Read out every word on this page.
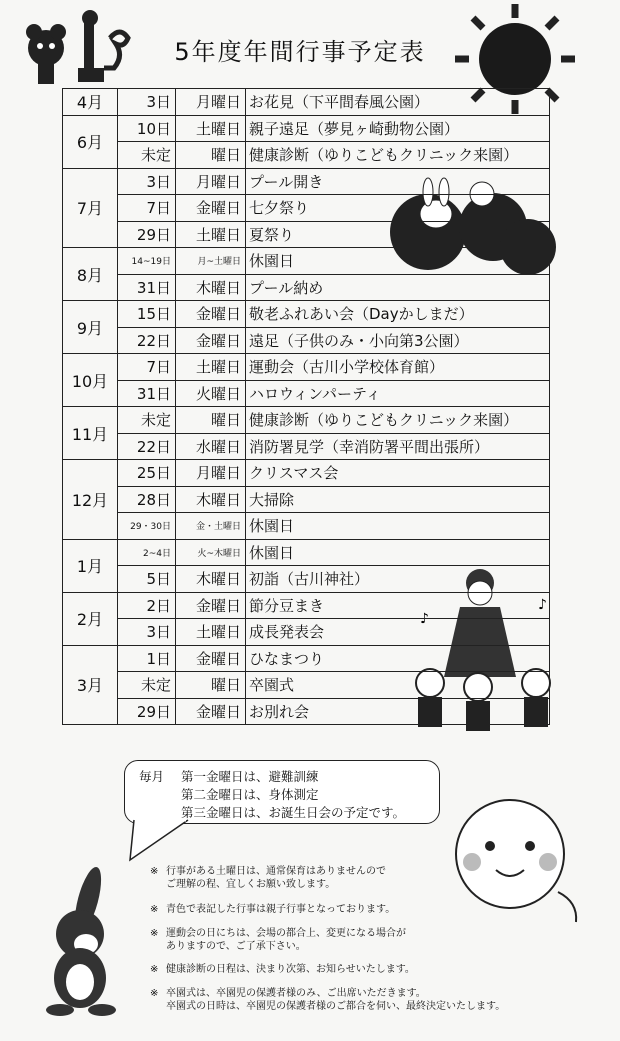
5年度年間行事予定表
♪
♪
4月	3日	月曜日	お花見（下平間春風公園）
6月	10日	土曜日	親子遠足（夢見ヶ崎動物公園）
	未定	曜日	健康診断（ゆりこどもクリニック来園）
7月	3日	月曜日	プール開き
	7日	金曜日	七夕祭り
	29日	土曜日	夏祭り
8月	14~19日	月~土曜日	休園日
	31日	木曜日	プール納め
9月	15日	金曜日	敬老ふれあい会（Dayかしまだ）
	22日	金曜日	遠足（子供のみ・小向第3公園）
10月	7日	土曜日	運動会（古川小学校体育館）
	31日	火曜日	ハロウィンパーティ
11月	未定	曜日	健康診断（ゆりこどもクリニック来園）
	22日	水曜日	消防署見学（幸消防署平間出張所）
12月	25日	月曜日	クリスマス会
	28日	木曜日	大掃除
	29・30日	金・土曜日	休園日
1月	2~4日	火~木曜日	休園日
	5日	木曜日	初詣（古川神社）
2月	2日	金曜日	節分豆まき
	3日	土曜日	成長発表会
3月	1日	金曜日	ひなまつり
	未定	曜日	卒園式
	29日	金曜日	お別れ会
毎月 第一金曜日は、避難訓練
第二金曜日は、身体測定
第三金曜日は、お誕生日会の予定です。
※ 行事がある土曜日は、通常保育はありませんので
ご理解の程、宜しくお願い致します。
※ 青色で表記した行事は親子行事となっております。
※ 運動会の日にちは、会場の都合上、変更になる場合が
ありますので、ご了承下さい。
※ 健康診断の日程は、決まり次第、お知らせいたします。
※ 卒園式は、卒園児の保護者様のみ、ご出席いただきます。
卒園式の日時は、卒園児の保護者様のご都合を伺い、最終決定いたします。
